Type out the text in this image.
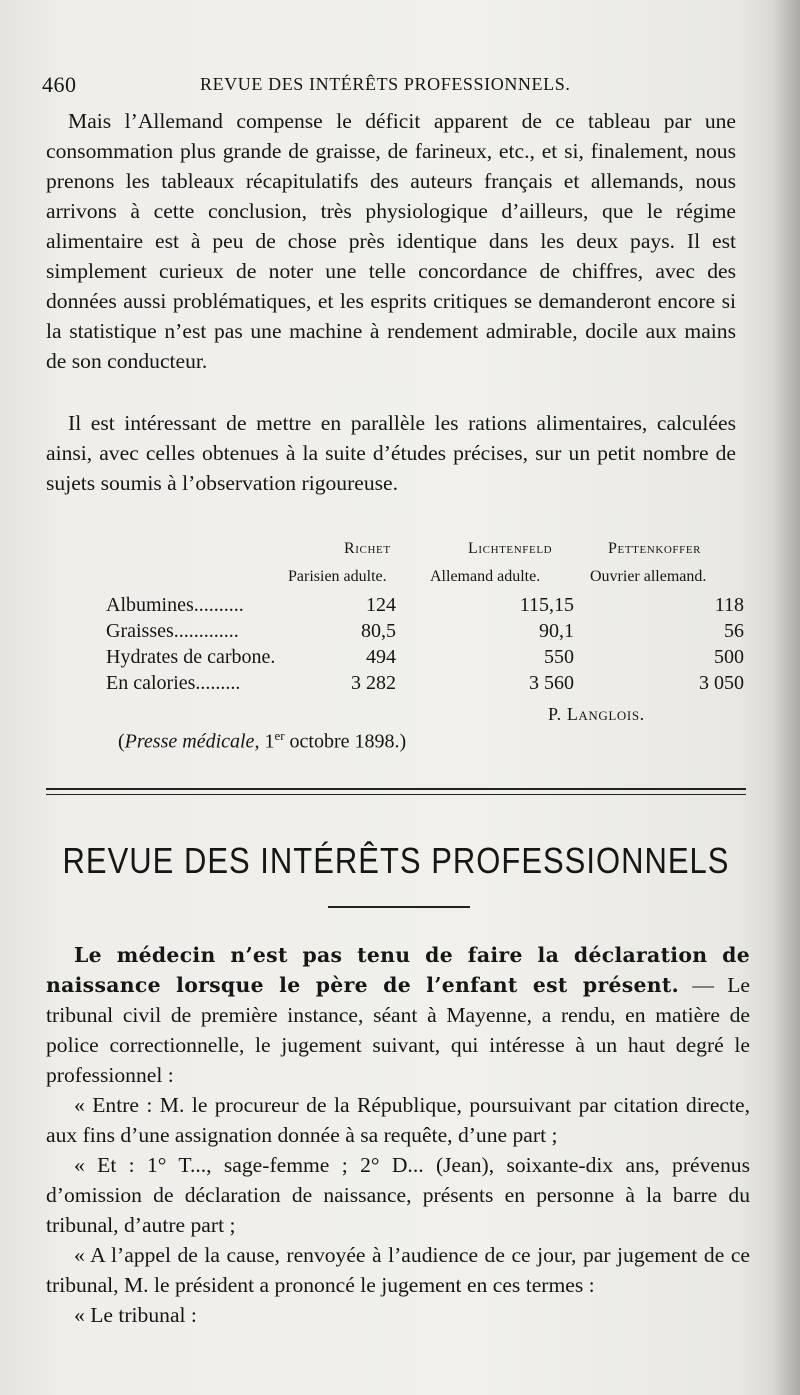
460	REVUE DES INTÉRÊTS PROFESSIONNELS.
Mais l’Allemand compense le déficit apparent de ce tableau par une consommation plus grande de graisse, de farineux, etc., et si, finalement, nous prenons les tableaux récapitulatifs des auteurs français et allemands, nous arrivons à cette conclusion, très physiologique d’ailleurs, que le régime alimentaire est à peu de chose près identique dans les deux pays. Il est simplement curieux de noter une telle concordance de chiffres, avec des données aussi problématiques, et les esprits critiques se demanderont encore si la statistique n’est pas une machine à rendement admirable, docile aux mains de son conducteur.
Il est intéressant de mettre en parallèle les rations alimentaires, calculées ainsi, avec celles obtenues à la suite d’études précises, sur un petit nombre de sujets soumis à l’observation rigoureuse.
Richet	Lichtenfeld	Pettenkoffer
Parisien adulte.	Allemand adulte.	Ouvrier allemand.
Albumines..........	124	115,15	118
Graisses.............	80,5	90,1	56
Hydrates de carbone.	494	550	500
En calories.........	3 282	3 560	3 050
P. Langlois.
(Presse médicale, 1er octobre 1898.)
REVUE DES INTÉRÊTS PROFESSIONNELS

Le médecin n’est pas tenu de faire la déclaration de naissance lorsque le père de l’enfant est présent. — Le tribunal civil de première instance, séant à Mayenne, a rendu, en matière de police correctionnelle, le jugement suivant, qui intéresse à un haut degré le professionnel :

« Entre : M. le procureur de la République, poursuivant par citation directe, aux fins d’une assignation donnée à sa requête, d’une part ;

« Et : 1° T..., sage-femme ; 2° D... (Jean), soixante-dix ans, prévenus d’omission de déclaration de naissance, présents en personne à la barre du tribunal, d’autre part ;

« A l’appel de la cause, renvoyée à l’audience de ce jour, par jugement de ce tribunal, M. le président a prononcé le jugement en ces termes :

« Le tribunal :
